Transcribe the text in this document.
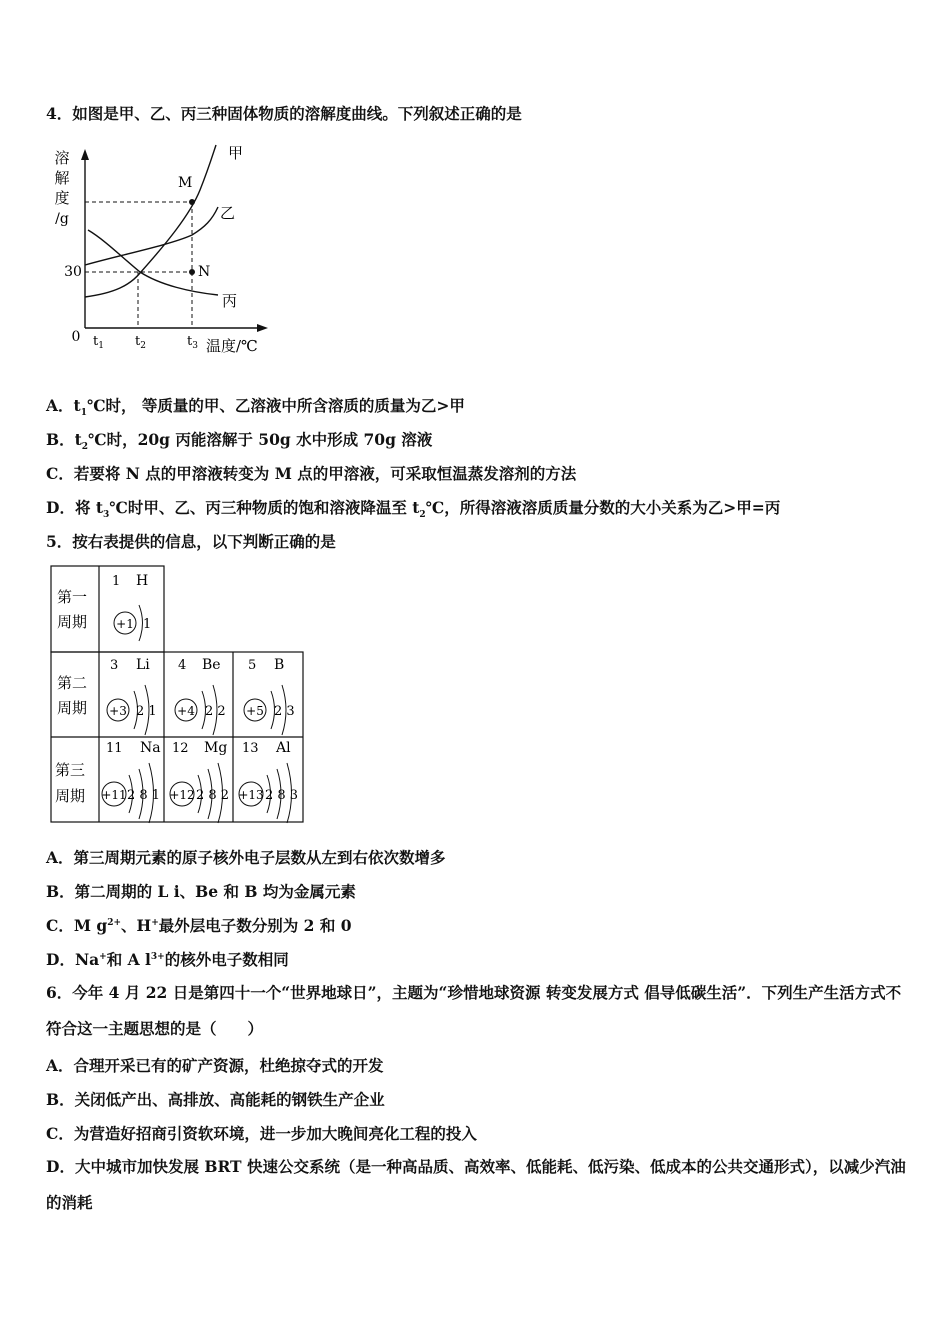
4．如图是甲、乙、丙三种固体物质的溶解度曲线。下列叙述正确的是
溶
解
度
/g
0
30
M
N
甲
乙
丙
$t_1$ $t_2$	$t_3$ 温度/℃
A．$t_1℃$时， 等质量的甲、乙溶液中所含溶质的质量为乙>甲
B．$t_2℃$时，20g 丙能溶解于 50g 水中形成 70g 溶液
C．若要将 N 点的甲溶液转变为 M 点的甲溶液，可采取恒温蒸发溶剂的方法
D．将 $t_3℃$时甲、乙、丙三种物质的饱和溶液降温至 $t_2℃$，所得溶液溶质质量分数的大小关系为乙>甲=丙
5．按右表提供的信息，以下判断正确的是
第一
周期
第二
周期
第三
周期
1 H
+1 1
3 Li
+3 2 1
4 Be
+4 2 2
5 B
+5 2 3
11 Na
+11 2 8 1
12 Mg
+12 2 8 2
13 Al
+13 2 8 3
A．第三周期元素的原子核外电子层数从左到右依次数增多
B．第二周期的 L i、Be 和 B 均为金属元素
C．M $g^{2+}$、H+最外层电子数分别为 2 和 0
D．Na+和 A $l^{3+}$的核外电子数相同
6．今年 4 月 22 日是第四十一个“世界地球日”，主题为“珍惜地球资源 转变发展方式 倡导低碳生活”．下列生产生活方式不符合这一主题思想的是（　　）
A．合理开采已有的矿产资源，杜绝掠夺式的开发
B．关闭低产出、高排放、高能耗的钢铁生产企业
C．为营造好招商引资软环境，进一步加大晚间亮化工程的投入
D．大中城市加快发展 BRT 快速公交系统（是一种高品质、高效率、低能耗、低污染、低成本的公共交通形式），以减少汽油的消耗
